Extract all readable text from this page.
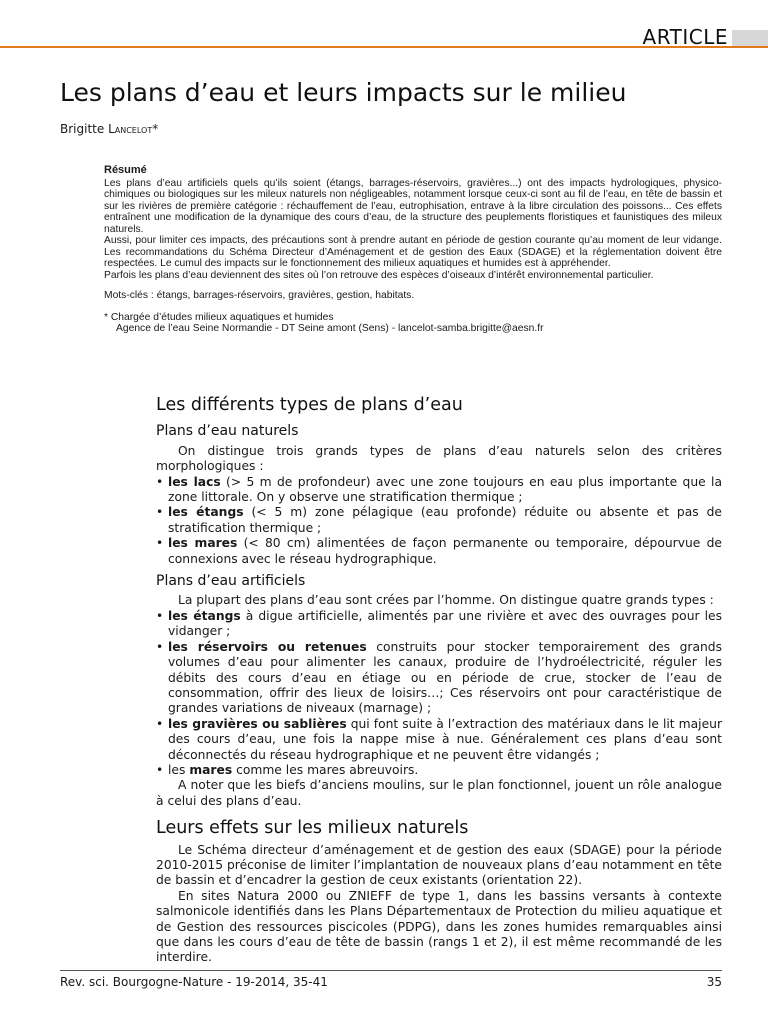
ARTICLE
Les plans d’eau et leurs impacts sur le milieu
Brigitte Lancelot*
Résumé

Les plans d’eau artificiels quels qu’ils soient (étangs, barrages-réservoirs, gravières...) ont des impacts hydrologiques, physico-chimiques ou biologiques sur les mileux naturels non négligeables, notamment lorsque ceux-ci sont au fil de l’eau, en tête de bassin et sur les rivières de première catégorie : réchauffement de l’eau, eutrophisation, entrave à la libre circulation des poissons... Ces effets entraînent une modification de la dynamique des cours d’eau, de la structure des peuplements floristiques et faunistiques des mileux naturels.

Aussi, pour limiter ces impacts, des précautions sont à prendre autant en période de gestion courante qu’au moment de leur vidange. Les recommandations du Schéma Directeur d’Aménagement et de gestion des Eaux (SDAGE) et la réglementation doivent être respectées. Le cumul des impacts sur le fonctionnement des milieux aquatiques et humides est à appréhender.

Parfois les plans d’eau deviennent des sites où l’on retrouve des espèces d’oiseaux d’intérêt environnemental particulier.

Mots-clés : étangs, barrages-réservoirs, gravières, gestion, habitats.

* Chargée d’études milieux aquatiques et humides
Agence de l’eau Seine Normandie - DT Seine amont (Sens) - lancelot-samba.brigitte@aesn.fr
Les différents types de plans d’eau
Plans d’eau naturels

On distingue trois grands types de plans d’eau naturels selon des critères morphologiques :

• les lacs (> 5 m de profondeur) avec une zone toujours en eau plus importante que la zone littorale. On y observe une stratification thermique ;
• les étangs (< 5 m) zone pélagique (eau profonde) réduite ou absente et pas de stratification thermique ;
• les mares (< 80 cm) alimentées de façon permanente ou temporaire, dépourvue de connexions avec le réseau hydrographique.
Plans d’eau artificiels

La plupart des plans d’eau sont crées par l’homme. On distingue quatre grands types :

• les étangs à digue artificielle, alimentés par une rivière et avec des ouvrages pour les vidanger ;
• les réservoirs ou retenues construits pour stocker temporairement des grands volumes d’eau pour alimenter les canaux, produire de l’hydroélectricité, réguler les débits des cours d’eau en étiage ou en période de crue, stocker de l’eau de consommation, offrir des lieux de loisirs…; Ces réservoirs ont pour caractéristique de grandes variations de niveaux (marnage) ;
• les gravières ou sablières qui font suite à l’extraction des matériaux dans le lit majeur des cours d’eau, une fois la nappe mise à nue. Généralement ces plans d’eau sont déconnectés du réseau hydrographique et ne peuvent être vidangés ;
• les mares comme les mares abreuvoirs.

A noter que les biefs d’anciens moulins, sur le plan fonctionnel, jouent un rôle analogue à celui des plans d’eau.

Leurs effets sur les milieux naturels

Le Schéma directeur d’aménagement et de gestion des eaux (SDAGE) pour la période 2010-2015 préconise de limiter l’implantation de nouveaux plans d’eau notamment en tête de bassin et d’encadrer la gestion de ceux existants (orientation 22).

En sites Natura 2000 ou ZNIEFF de type 1, dans les bassins versants à contexte salmonicole identifiés dans les Plans Départementaux de Protection du milieu aquatique et de Gestion des ressources piscicoles (PDPG), dans les zones humides remarquables ainsi que dans les cours d’eau de tête de bassin (rangs 1 et 2), il est même recommandé de les interdire.

Rev. sci. Bourgogne-Nature - 19-2014, 35-41	35
